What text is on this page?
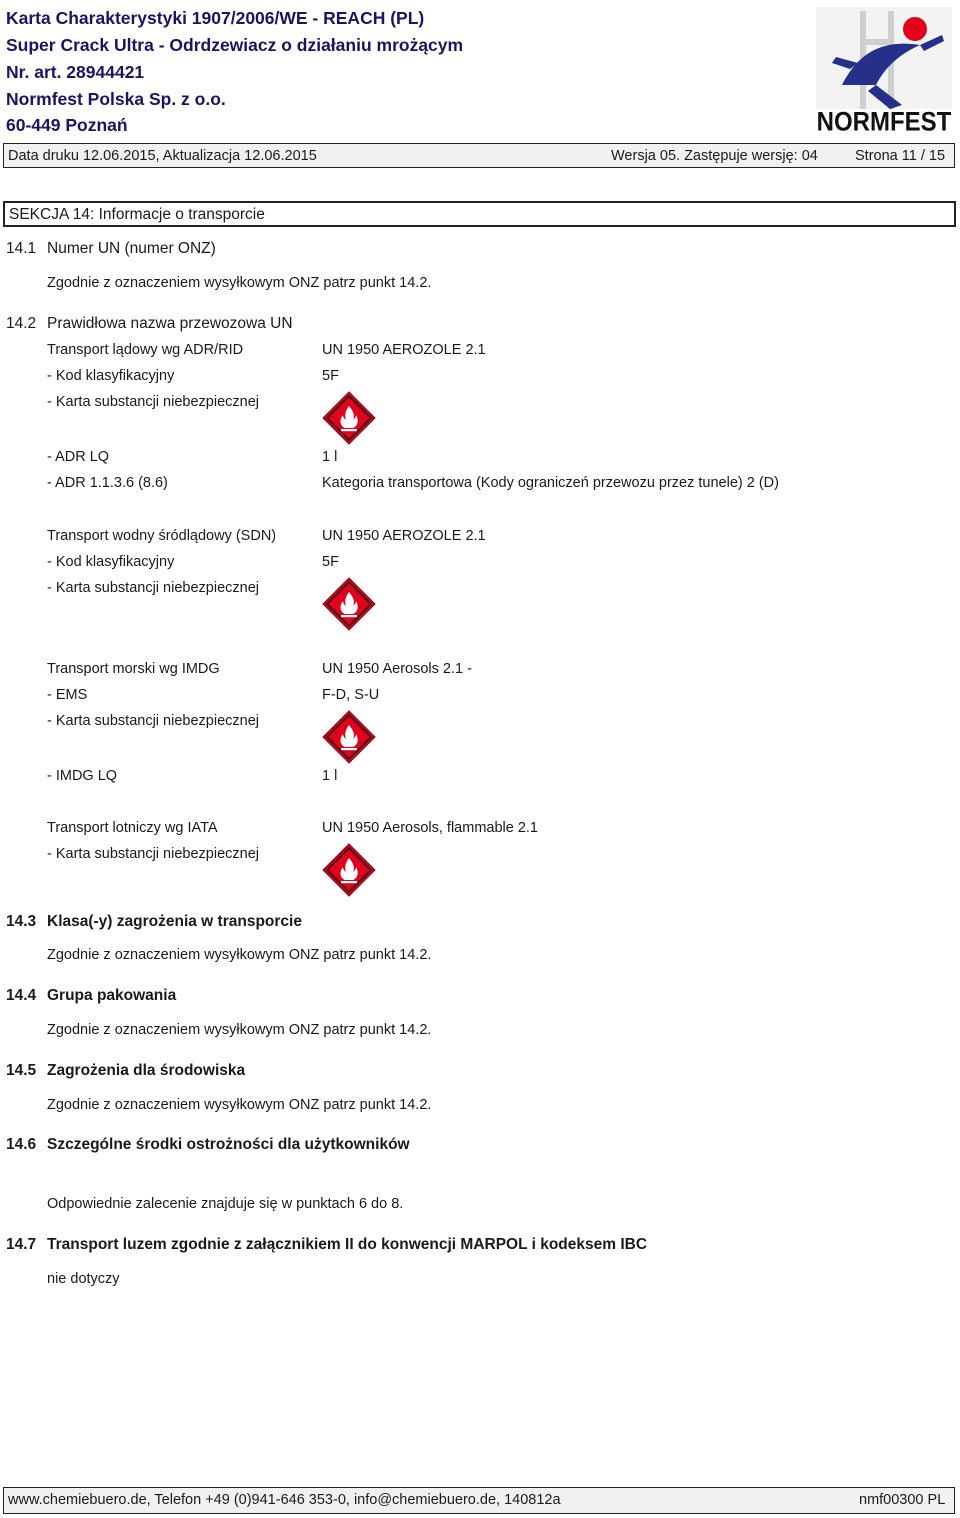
Karta Charakterystyki 1907/2006/WE - REACH (PL)
Super Crack Ultra - Odrdzewiacz o działaniu mrożącym
Nr. art. 28944421
Normfest Polska Sp. z o.o.
60-449 Poznań	NORMFEST
Data druku 12.06.2015, Aktualizacja 12.06.2015	Wersja 05. Zastępuje wersję: 04	Strona 11 / 15
SEKCJA 14: Informacje o transporcie
14.1 Numer UN (numer ONZ)
Zgodnie z oznaczeniem wysyłkowym ONZ patrz punkt 14.2.
14.2 Prawidłowa nazwa przewozowa UN
Transport lądowy wg ADR/RID	UN 1950 AEROZOLE 2.1
- Kod klasyfikacyjny	5F
- Karta substancji niebezpiecznej
- ADR LQ	1 l
- ADR 1.1.3.6 (8.6)	Kategoria transportowa (Kody ograniczeń przewozu przez tunele) 2 (D)
Transport wodny śródlądowy (SDN)	UN 1950 AEROZOLE 2.1
- Kod klasyfikacyjny	5F
- Karta substancji niebezpiecznej
Transport morski wg IMDG	UN 1950 Aerosols 2.1 -
- EMS	F-D, S-U
- Karta substancji niebezpiecznej
- IMDG LQ	1 l
Transport lotniczy wg IATA	UN 1950 Aerosols, flammable 2.1
- Karta substancji niebezpiecznej
14.3 Klasa(-y) zagrożenia w transporcie
Zgodnie z oznaczeniem wysyłkowym ONZ patrz punkt 14.2.
14.4 Grupa pakowania
Zgodnie z oznaczeniem wysyłkowym ONZ patrz punkt 14.2.
14.5 Zagrożenia dla środowiska
Zgodnie z oznaczeniem wysyłkowym ONZ patrz punkt 14.2.
14.6 Szczególne środki ostrożności dla użytkowników
Odpowiednie zalecenie znajduje się w punktach 6 do 8.
14.7 Transport luzem zgodnie z załącznikiem II do konwencji MARPOL i kodeksem IBC
nie dotyczy
www.chemiebuero.de, Telefon +49 (0)941-646 353-0, info@chemiebuero.de, 140812a	nmf00300 PL
